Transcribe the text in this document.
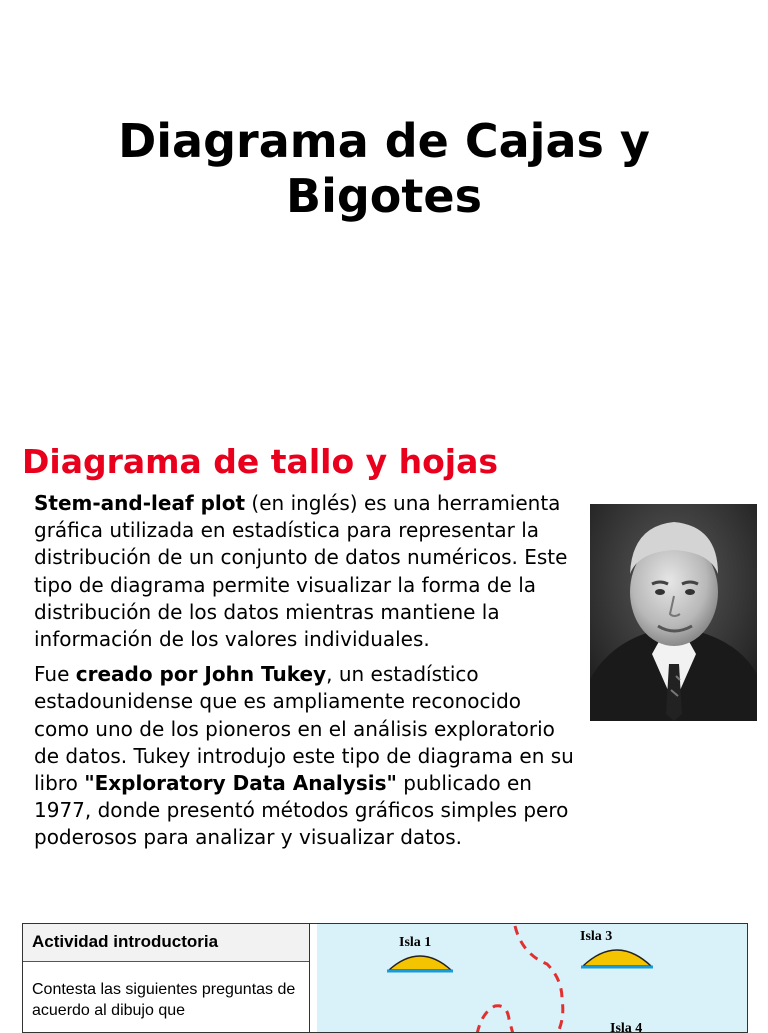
Diagrama de Cajas y
Bigotes
Diagrama de tallo y hojas

Stem-and-leaf plot (en inglés) es una herramienta gráfica utilizada en estadística para representar la distribución de un conjunto de datos numéricos. Este tipo de diagrama permite visualizar la forma de la distribución de los datos mientras mantiene la información de los valores individuales.

Fue creado por John Tukey, un estadístico estadounidense que es ampliamente reconocido como uno de los pioneros en el análisis exploratorio de datos. Tukey introdujo este tipo de diagrama en su libro "Exploratory Data Analysis" publicado en 1977, donde presentó métodos gráficos simples pero poderosos para analizar y visualizar datos.

Actividad introductoria
Contesta las siguientes preguntas de acuerdo al dibujo que
Isla 1	Isla 3
Isla 4
